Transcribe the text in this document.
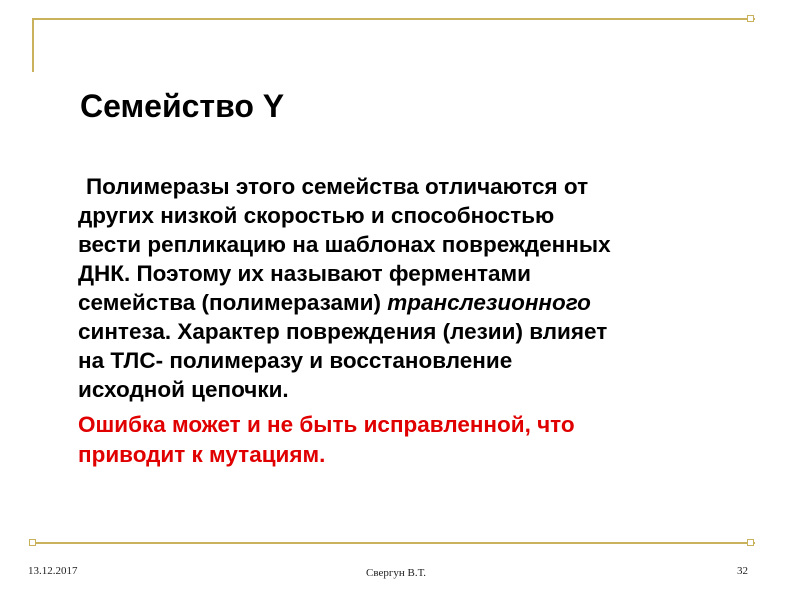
Семейство Y

Полимеразы этого семейства отличаются от
других низкой скоростью и способностью
вести репликацию на шаблонах поврежденных
ДНК. Поэтому их называют ферментами
семейства (полимеразами) транслезионного
синтеза. Характер повреждения (лезии) влияет
на ТЛС- полимеразу и восстановление
исходной цепочки.

Ошибка может и не быть исправленной, что
приводит к мутациям.

13.12.2017	Свергун В.Т.	32
